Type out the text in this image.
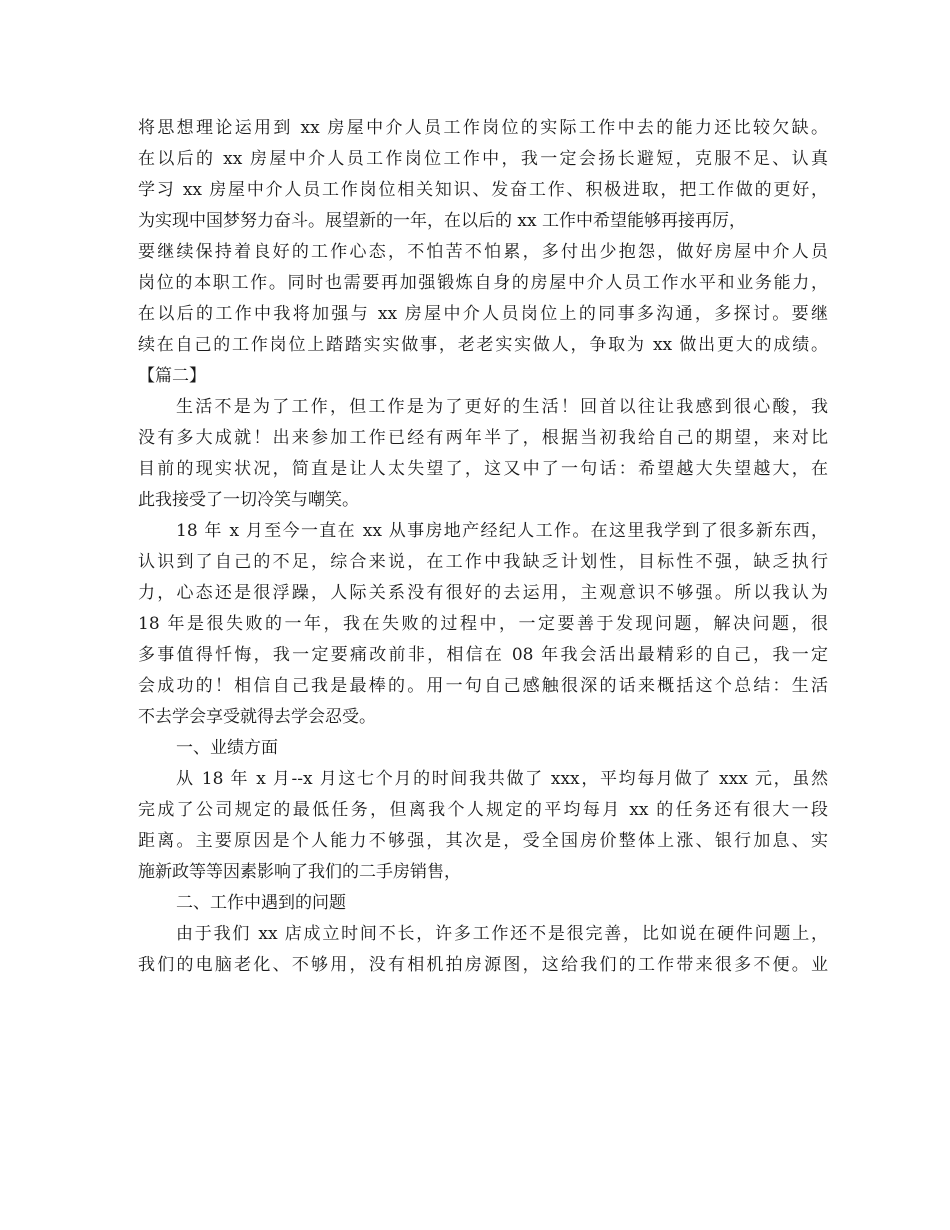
将思想理论运用到 xx 房屋中介人员工作岗位的实际工作中去的能力还比较欠缺。
在以后的 xx 房屋中介人员工作岗位工作中，我一定会扬长避短，克服不足、认真
学习 xx 房屋中介人员工作岗位相关知识、发奋工作、积极进取，把工作做的更好，
为实现中国梦努力奋斗。展望新的一年，在以后的 xx 工作中希望能够再接再厉，
要继续保持着良好的工作心态，不怕苦不怕累，多付出少抱怨，做好房屋中介人员
岗位的本职工作。同时也需要再加强锻炼自身的房屋中介人员工作水平和业务能力，
在以后的工作中我将加强与 xx 房屋中介人员岗位上的同事多沟通，多探讨。要继
续在自己的工作岗位上踏踏实实做事，老老实实做人，争取为 xx 做出更大的成绩。
【篇二】
生活不是为了工作，但工作是为了更好的生活！回首以往让我感到很心酸，我
没有多大成就！出来参加工作已经有两年半了，根据当初我给自己的期望，来对比
目前的现实状况，简直是让人太失望了，这又中了一句话：希望越大失望越大，在
此我接受了一切冷笑与嘲笑。
18 年 x 月至今一直在 xx 从事房地产经纪人工作。在这里我学到了很多新东西，
认识到了自己的不足，综合来说，在工作中我缺乏计划性，目标性不强，缺乏执行
力，心态还是很浮躁，人际关系没有很好的去运用，主观意识不够强。所以我认为
18 年是很失败的一年，我在失败的过程中，一定要善于发现问题，解决问题，很
多事值得忏悔，我一定要痛改前非，相信在 08 年我会活出最精彩的自己，我一定
会成功的！相信自己我是最棒的。用一句自己感触很深的话来概括这个总结：生活
不去学会享受就得去学会忍受。
一、业绩方面
从 18 年 x 月--x 月这七个月的时间我共做了 xxx，平均每月做了 xxx 元，虽然
完成了公司规定的最低任务，但离我个人规定的平均每月 xx 的任务还有很大一段
距离。主要原因是个人能力不够强，其次是，受全国房价整体上涨、银行加息、实
施新政等等因素影响了我们的二手房销售，
二、工作中遇到的问题
由于我们 xx 店成立时间不长，许多工作还不是很完善，比如说在硬件问题上，
我们的电脑老化、不够用，没有相机拍房源图，这给我们的工作带来很多不便。业
